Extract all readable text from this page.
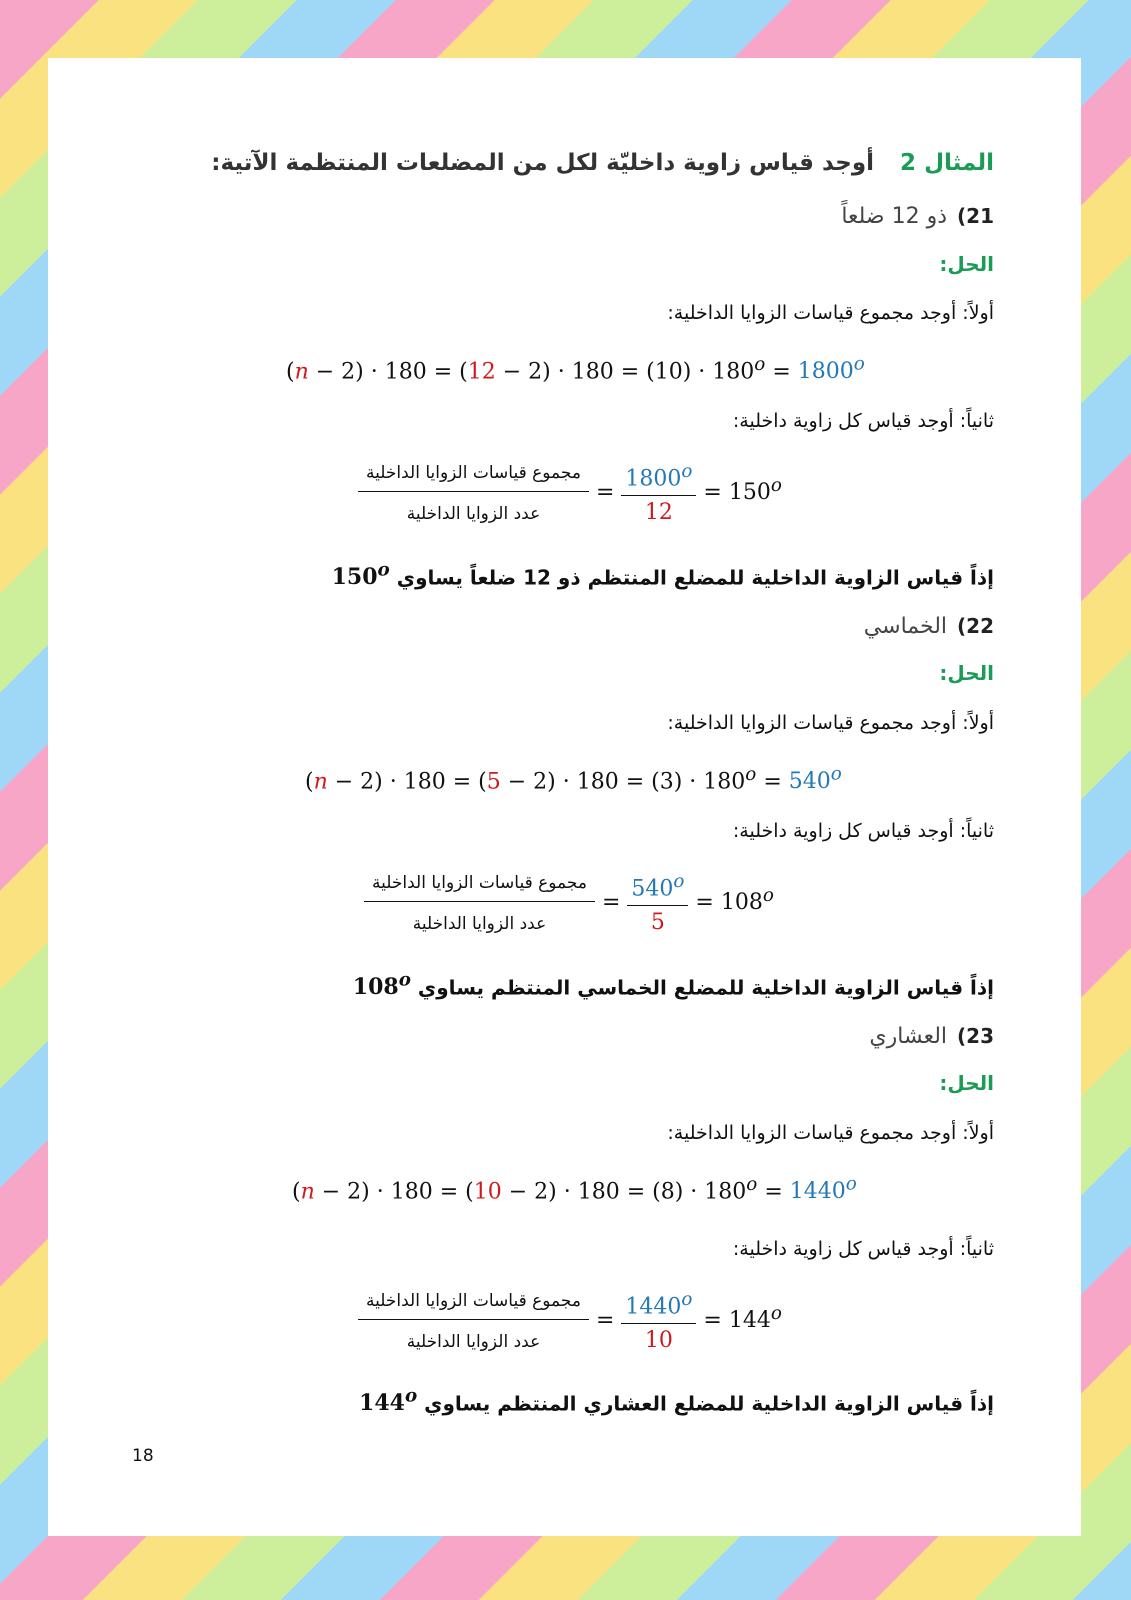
المثال 2أوجد قياس زاوية داخليّة لكل من المضلعات المنتظمة الآتية:
21)ذو 12 ضلعاً
الحل:
أولاً: أوجد مجموع قياسات الزوايا الداخلية:
$(n - 2) \cdot 180 = (12 - 2) \cdot 180 = (10) \cdot 180^o = 1800^o$
ثانياً: أوجد قياس كل زاوية داخلية:
$\frac{\text{مجموع قياسات الزوايا الداخلية}}{\text{عدد الزوايا الداخلية}} = \frac{1800^o}{12} = 150^o$
إذاً قياس الزاوية الداخلية للمضلع المنتظم ذو 12 ضلعاً يساوي 150$^o$
22)الخماسي
الحل:
أولاً: أوجد مجموع قياسات الزوايا الداخلية:
$(n - 2) \cdot 180 = (5 - 2) \cdot 180 = (3) \cdot 180^o = 540^o$
ثانياً: أوجد قياس كل زاوية داخلية:
$\frac{\text{مجموع قياسات الزوايا الداخلية}}{\text{عدد الزوايا الداخلية}} = \frac{540^o}{5} = 108^o$
إذاً قياس الزاوية الداخلية للمضلع الخماسي المنتظم يساوي 108$^o$
23)العشاري
الحل:
أولاً: أوجد مجموع قياسات الزوايا الداخلية:
$(n - 2) \cdot 180 = (10 - 2) \cdot 180 = (8) \cdot 180^o = 1440^o$
ثانياً: أوجد قياس كل زاوية داخلية:
$\frac{\text{مجموع قياسات الزوايا الداخلية}}{\text{عدد الزوايا الداخلية}} = \frac{1440^o}{10} = 144^o$
إذاً قياس الزاوية الداخلية للمضلع العشاري المنتظم يساوي 144$^o$
18
